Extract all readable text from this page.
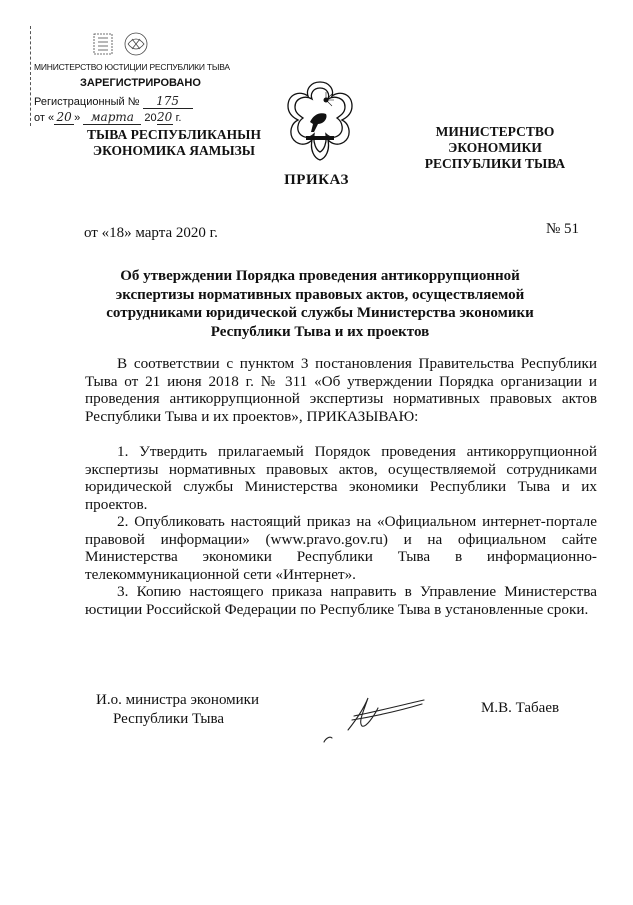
МИНИСТЕРСТВО ЮСТИЦИИ РЕСПУБЛИКИ ТЫВА
ЗАРЕГИСТРИРОВАНО
Регистрационный № 175
от « 20 » марта 2020 г.
ТЫВА РЕСПУБЛИКАНЫН
ЭКОНОМИКА ЯАМЫЗЫ
МИНИСТЕРСТВО ЭКОНОМИКИ
РЕСПУБЛИКИ ТЫВА
ПРИКАЗ
от «18» марта 2020 г.	№ 51
Об утверждении Порядка проведения антикоррупционной экспертизы нормативных правовых актов, осуществляемой сотрудниками юридической службы Министерства экономики Республики Тыва и их проектов
В соответствии с пунктом 3 постановления Правительства Республики Тыва от 21 июня 2018 г. № 311 «Об утверждении Порядка организации и проведения антикоррупционной экспертизы нормативных правовых актов Республики Тыва и их проектов», ПРИКАЗЫВАЮ:
1. Утвердить прилагаемый Порядок проведения антикоррупционной экспертизы нормативных правовых актов, осуществляемой сотрудниками юридической службы Министерства экономики Республики Тыва и их проектов.
2. Опубликовать настоящий приказ на «Официальном интернет-портале правовой информации» (www.pravo.gov.ru) и на официальном сайте Министерства экономики Республики Тыва в информационно-телекоммуникационной сети «Интернет».
3. Копию настоящего приказа направить в Управление Министерства юстиции Российской Федерации по Республике Тыва в установленные сроки.
И.о. министра экономики
Республики Тыва
М.В. Табаев
